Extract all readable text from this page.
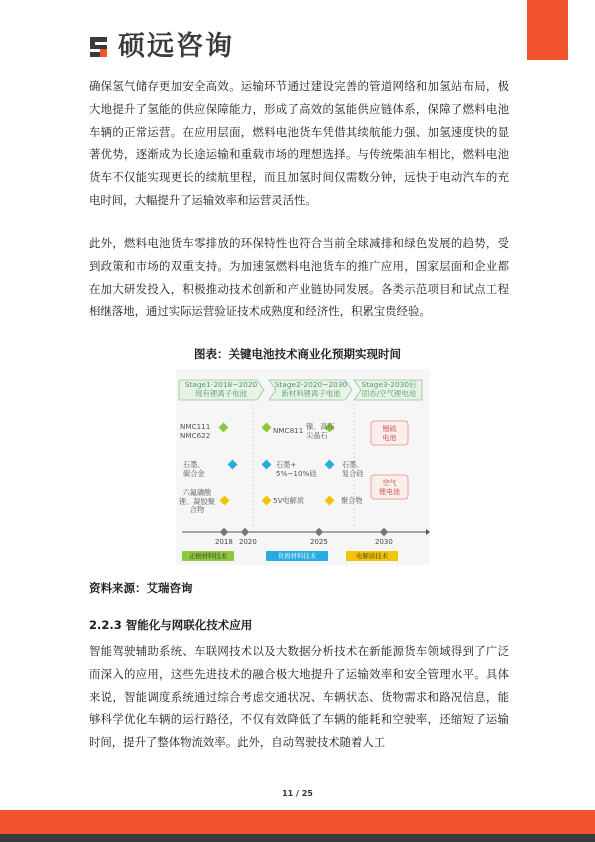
硕远咨询

确保氢气储存更加安全高效。运输环节通过建设完善的管道网络和加氢站布局，极大地提升了氢能的供应保障能力，形成了高效的氢能供应链体系，保障了燃料电池车辆的正常运营。在应用层面，燃料电池货车凭借其续航能力强、加氢速度快的显著优势，逐渐成为长途运输和重载市场的理想选择。与传统柴油车相比，燃料电池货车不仅能实现更长的续航里程，而且加氢时间仅需数分钟，远快于电动汽车的充电时间，大幅提升了运输效率和运营灵活性。

此外，燃料电池货车零排放的环保特性也符合当前全球减排和绿色发展的趋势，受到政策和市场的双重支持。为加速氢燃料电池货车的推广应用，国家层面和企业都在加大研发投入，积极推动技术创新和产业链协同发展。各类示范项目和试点工程相继落地，通过实际运营验证技术成熟度和经济性，积累宝贵经验。

图表：关键电池技术商业化预期实现时间
Stage1-2018~2020
现有锂离子电池
Stage2-2020~2030
新材料锂离子电池
Stage3-2030后
固态/空气锂电池
NMC111
NMC622	NMC811 镍、高压
尖晶石
石墨、
碳合金
石墨+
5%~10%硅
石墨、
复合硅
六氟磷酸
锂、凝胶聚
合物
5V电解质	聚合物
锂硫
电池
空气
锂电池
2018 2020	2025	2030
正极材料技术	负极材料技术	电解质技术

资料来源：艾瑞咨询

2.2.3 智能化与网联化技术应用

智能驾驶辅助系统、车联网技术以及大数据分析技术在新能源货车领域得到了广泛而深入的应用，这些先进技术的融合极大地提升了运输效率和安全管理水平。具体来说，智能调度系统通过综合考虑交通状况、车辆状态、货物需求和路况信息，能够科学优化车辆的运行路径，不仅有效降低了车辆的能耗和空驶率，还缩短了运输时间，提升了整体物流效率。此外，自动驾驶技术随着人工

11 / 25
